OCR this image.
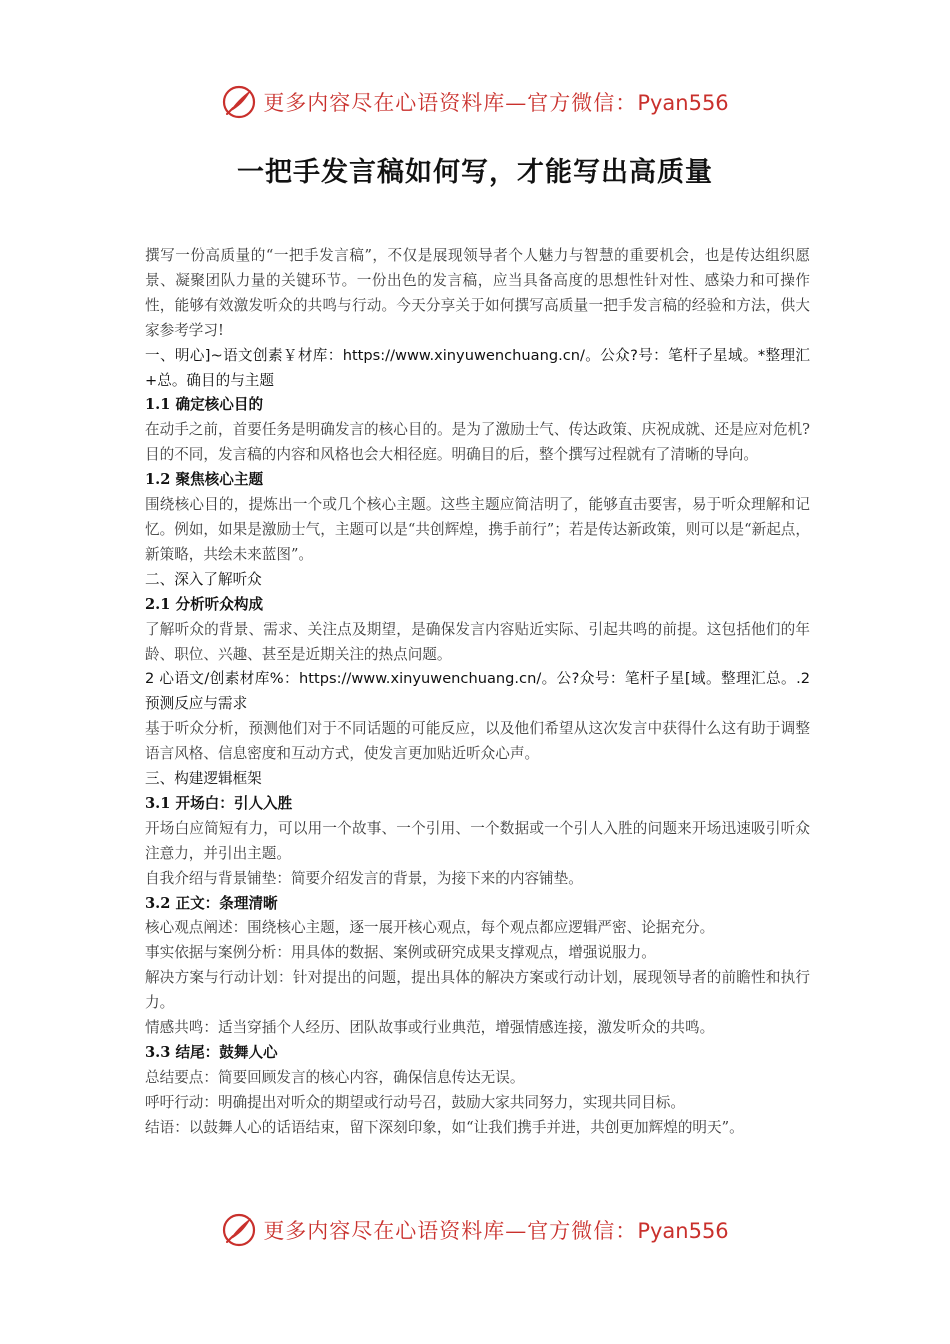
更多内容尽在心语资料库—官方微信：Pyan556
一把手发言稿如何写，才能写出高质量

撰写一份高质量的“一把手发言稿”，不仅是展现领导者个人魅力与智慧的重要机会，也是传达组织愿景、凝聚团队力量的关键环节。一份出色的发言稿，应当具备高度的思想性针对性、感染力和可操作性，能够有效激发听众的共鸣与行动。今天分享关于如何撰写高质量一把手发言稿的经验和方法，供大家参考学习!

一、明心]~语文创素￥材库：https://www.xinyuwenchuang.cn/。公众?号：笔杆子星域。*整理汇+总。确目的与主题

1.1 确定核心目的

在动手之前，首要任务是明确发言的核心目的。是为了激励士气、传达政策、庆祝成就、还是应对危机?目的不同，发言稿的内容和风格也会大相径庭。明确目的后，整个撰写过程就有了清晰的导向。

1.2 聚焦核心主题

围绕核心目的，提炼出一个或几个核心主题。这些主题应简洁明了，能够直击要害，易于听众理解和记忆。例如，如果是激励士气，主题可以是“共创辉煌，携手前行”；若是传达新政策，则可以是“新起点，新策略，共绘未来蓝图”。

二、深入了解听众

2.1 分析听众构成

了解听众的背景、需求、关注点及期望，是确保发言内容贴近实际、引起共鸣的前提。这包括他们的年龄、职位、兴趣、甚至是近期关注的热点问题。

2 心语文/创素材库%：https://www.xinyuwenchuang.cn/。公?众号：笔杆子星[域。整理汇总。.2 预测反应与需求

基于听众分析，预测他们对于不同话题的可能反应，以及他们希望从这次发言中获得什么这有助于调整语言风格、信息密度和互动方式，使发言更加贴近听众心声。

三、构建逻辑框架

3.1 开场白：引人入胜

开场白应简短有力，可以用一个故事、一个引用、一个数据或一个引人入胜的问题来开场迅速吸引听众注意力，并引出主题。

自我介绍与背景铺垫：简要介绍发言的背景，为接下来的内容铺垫。

3.2 正文：条理清晰

核心观点阐述：围绕核心主题，逐一展开核心观点，每个观点都应逻辑严密、论据充分。

事实依据与案例分析：用具体的数据、案例或研究成果支撑观点，增强说服力。

解决方案与行动计划：针对提出的问题，提出具体的解决方案或行动计划，展现领导者的前瞻性和执行力。

情感共鸣：适当穿插个人经历、团队故事或行业典范，增强情感连接，激发听众的共鸣。

3.3 结尾：鼓舞人心

总结要点：简要回顾发言的核心内容，确保信息传达无误。

呼吁行动：明确提出对听众的期望或行动号召，鼓励大家共同努力，实现共同目标。

结语：以鼓舞人心的话语结束，留下深刻印象，如“让我们携手并进，共创更加辉煌的明天”。

更多内容尽在心语资料库—官方微信：Pyan556
